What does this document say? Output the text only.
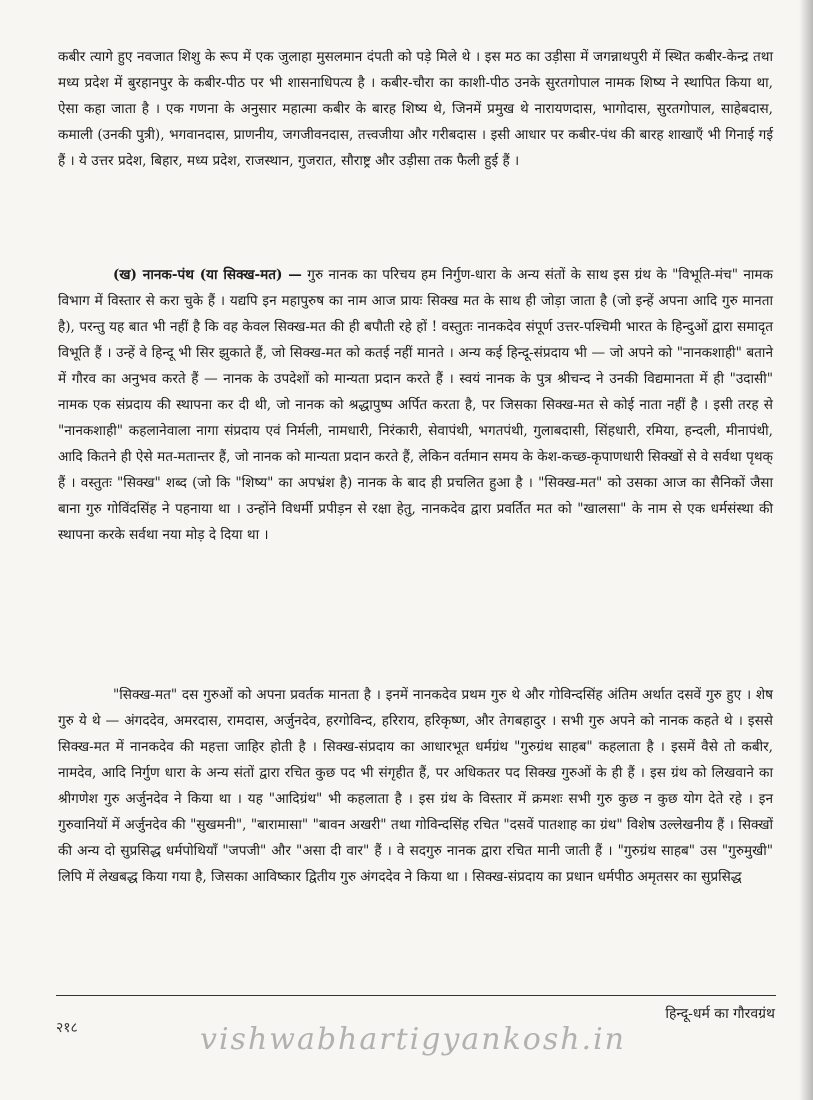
कबीर त्यागे हुए नवजात शिशु के रूप में एक जुलाहा मुसलमान दंपती को पड़े मिले थे । इस मठ का उड़ीसा में जगन्नाथपुरी में स्थित कबीर-केन्द्र तथा मध्य प्रदेश में बुरहानपुर के कबीर-पीठ पर भी शासनाधिपत्य है । कबीर-चौरा का काशी-पीठ उनके सुरतगोपाल नामक शिष्य ने स्थापित किया था, ऐसा कहा जाता है । एक गणना के अनुसार महात्मा कबीर के बारह शिष्य थे, जिनमें प्रमुख थे नारायणदास, भागोदास, सुरतगोपाल, साहेबदास, कमाली (उनकी पुत्री), भगवानदास, प्राणनीय, जगजीवनदास, तत्त्वजीया और गरीबदास । इसी आधार पर कबीर-पंथ की बारह शाखाएँ भी गिनाई गई हैं । ये उत्तर प्रदेश, बिहार, मध्य प्रदेश, राजस्थान, गुजरात, सौराष्ट्र और उड़ीसा तक फैली हुई हैं ।

(ख) नानक-पंथ (या सिक्ख-मत) — गुरु नानक का परिचय हम निर्गुण-धारा के अन्य संतों के साथ इस ग्रंथ के "विभूति-मंच" नामक विभाग में विस्तार से करा चुके हैं । यद्यपि इन महापुरुष का नाम आज प्रायः सिक्ख मत के साथ ही जोड़ा जाता है (जो इन्हें अपना आदि गुरु मानता है), परन्तु यह बात भी नहीं है कि वह केवल सिक्ख-मत की ही बपौती रहे हों ! वस्तुतः नानकदेव संपूर्ण उत्तर-पश्चिमी भारत के हिन्दुओं द्वारा समादृत विभूति हैं । उन्हें वे हिन्दू भी सिर झुकाते हैं, जो सिक्ख-मत को कतई नहीं मानते । अन्य कई हिन्दू-संप्रदाय भी — जो अपने को "नानकशाही" बताने में गौरव का अनुभव करते हैं — नानक के उपदेशों को मान्यता प्रदान करते हैं । स्वयं नानक के पुत्र श्रीचन्द ने उनकी विद्यमानता में ही "उदासी" नामक एक संप्रदाय की स्थापना कर दी थी, जो नानक को श्रद्धापुष्प अर्पित करता है, पर जिसका सिक्ख-मत से कोई नाता नहीं है । इसी तरह से "नानकशाही" कहलानेवाला नागा संप्रदाय एवं निर्मली, नामधारी, निरंकारी, सेवापंथी, भगतपंथी, गुलाबदासी, सिंहधारी, रमिया, हन्दली, मीनापंथी, आदि कितने ही ऐसे मत-मतान्तर हैं, जो नानक को मान्यता प्रदान करते हैं, लेकिन वर्तमान समय के केश-कच्छ-कृपाणधारी सिक्खों से वे सर्वथा पृथक् हैं । वस्तुतः "सिक्ख" शब्द (जो कि "शिष्य" का अपभ्रंश है) नानक के बाद ही प्रचलित हुआ है । "सिक्ख-मत" को उसका आज का सैनिकों जैसा बाना गुरु गोविंदसिंह ने पहनाया था । उन्होंने विधर्मी प्रपीड़न से रक्षा हेतु, नानकदेव द्वारा प्रवर्तित मत को "खालसा" के नाम से एक धर्मसंस्था की स्थापना करके सर्वथा नया मोड़ दे दिया था ।

"सिक्ख-मत" दस गुरुओं को अपना प्रवर्तक मानता है । इनमें नानकदेव प्रथम गुरु थे और गोविन्दसिंह अंतिम अर्थात दसवें गुरु हुए । शेष गुरु ये थे — अंगददेव, अमरदास, रामदास, अर्जुनदेव, हरगोविन्द, हरिराय, हरिकृष्ण, और तेगबहादुर । सभी गुरु अपने को नानक कहते थे । इससे सिक्ख-मत में नानकदेव की महत्ता जाहिर होती है । सिक्ख-संप्रदाय का आधारभूत धर्मग्रंथ "गुरुग्रंथ साहब" कहलाता है । इसमें वैसे तो कबीर, नामदेव, आदि निर्गुण धारा के अन्य संतों द्वारा रचित कुछ पद भी संगृहीत हैं, पर अधिकतर पद सिक्ख गुरुओं के ही हैं । इस ग्रंथ को लिखवाने का श्रीगणेश गुरु अर्जुनदेव ने किया था । यह "आदिग्रंथ" भी कहलाता है । इस ग्रंथ के विस्तार में क्रमशः सभी गुरु कुछ न कुछ योग देते रहे । इन गुरुवानियों में अर्जुनदेव की "सुखमनी", "बारामासा" "बावन अखरी" तथा गोविन्दसिंह रचित "दसवें पातशाह का ग्रंथ" विशेष उल्लेखनीय हैं । सिक्खों की अन्य दो सुप्रसिद्ध धर्मपोथियाँ "जपजी" और "असा दी वार" हैं । वे सदगुरु नानक द्वारा रचित मानी जाती हैं । "गुरुग्रंथ साहब" उस "गुरुमुखी" लिपि में लेखबद्ध किया गया है, जिसका आविष्कार द्वितीय गुरु अंगददेव ने किया था । सिक्ख-संप्रदाय का प्रधान धर्मपीठ अमृतसर का सुप्रसिद्ध

२१८
हिन्दू-धर्म का गौरवग्रंथ
vishwabhartigyankosh.in
